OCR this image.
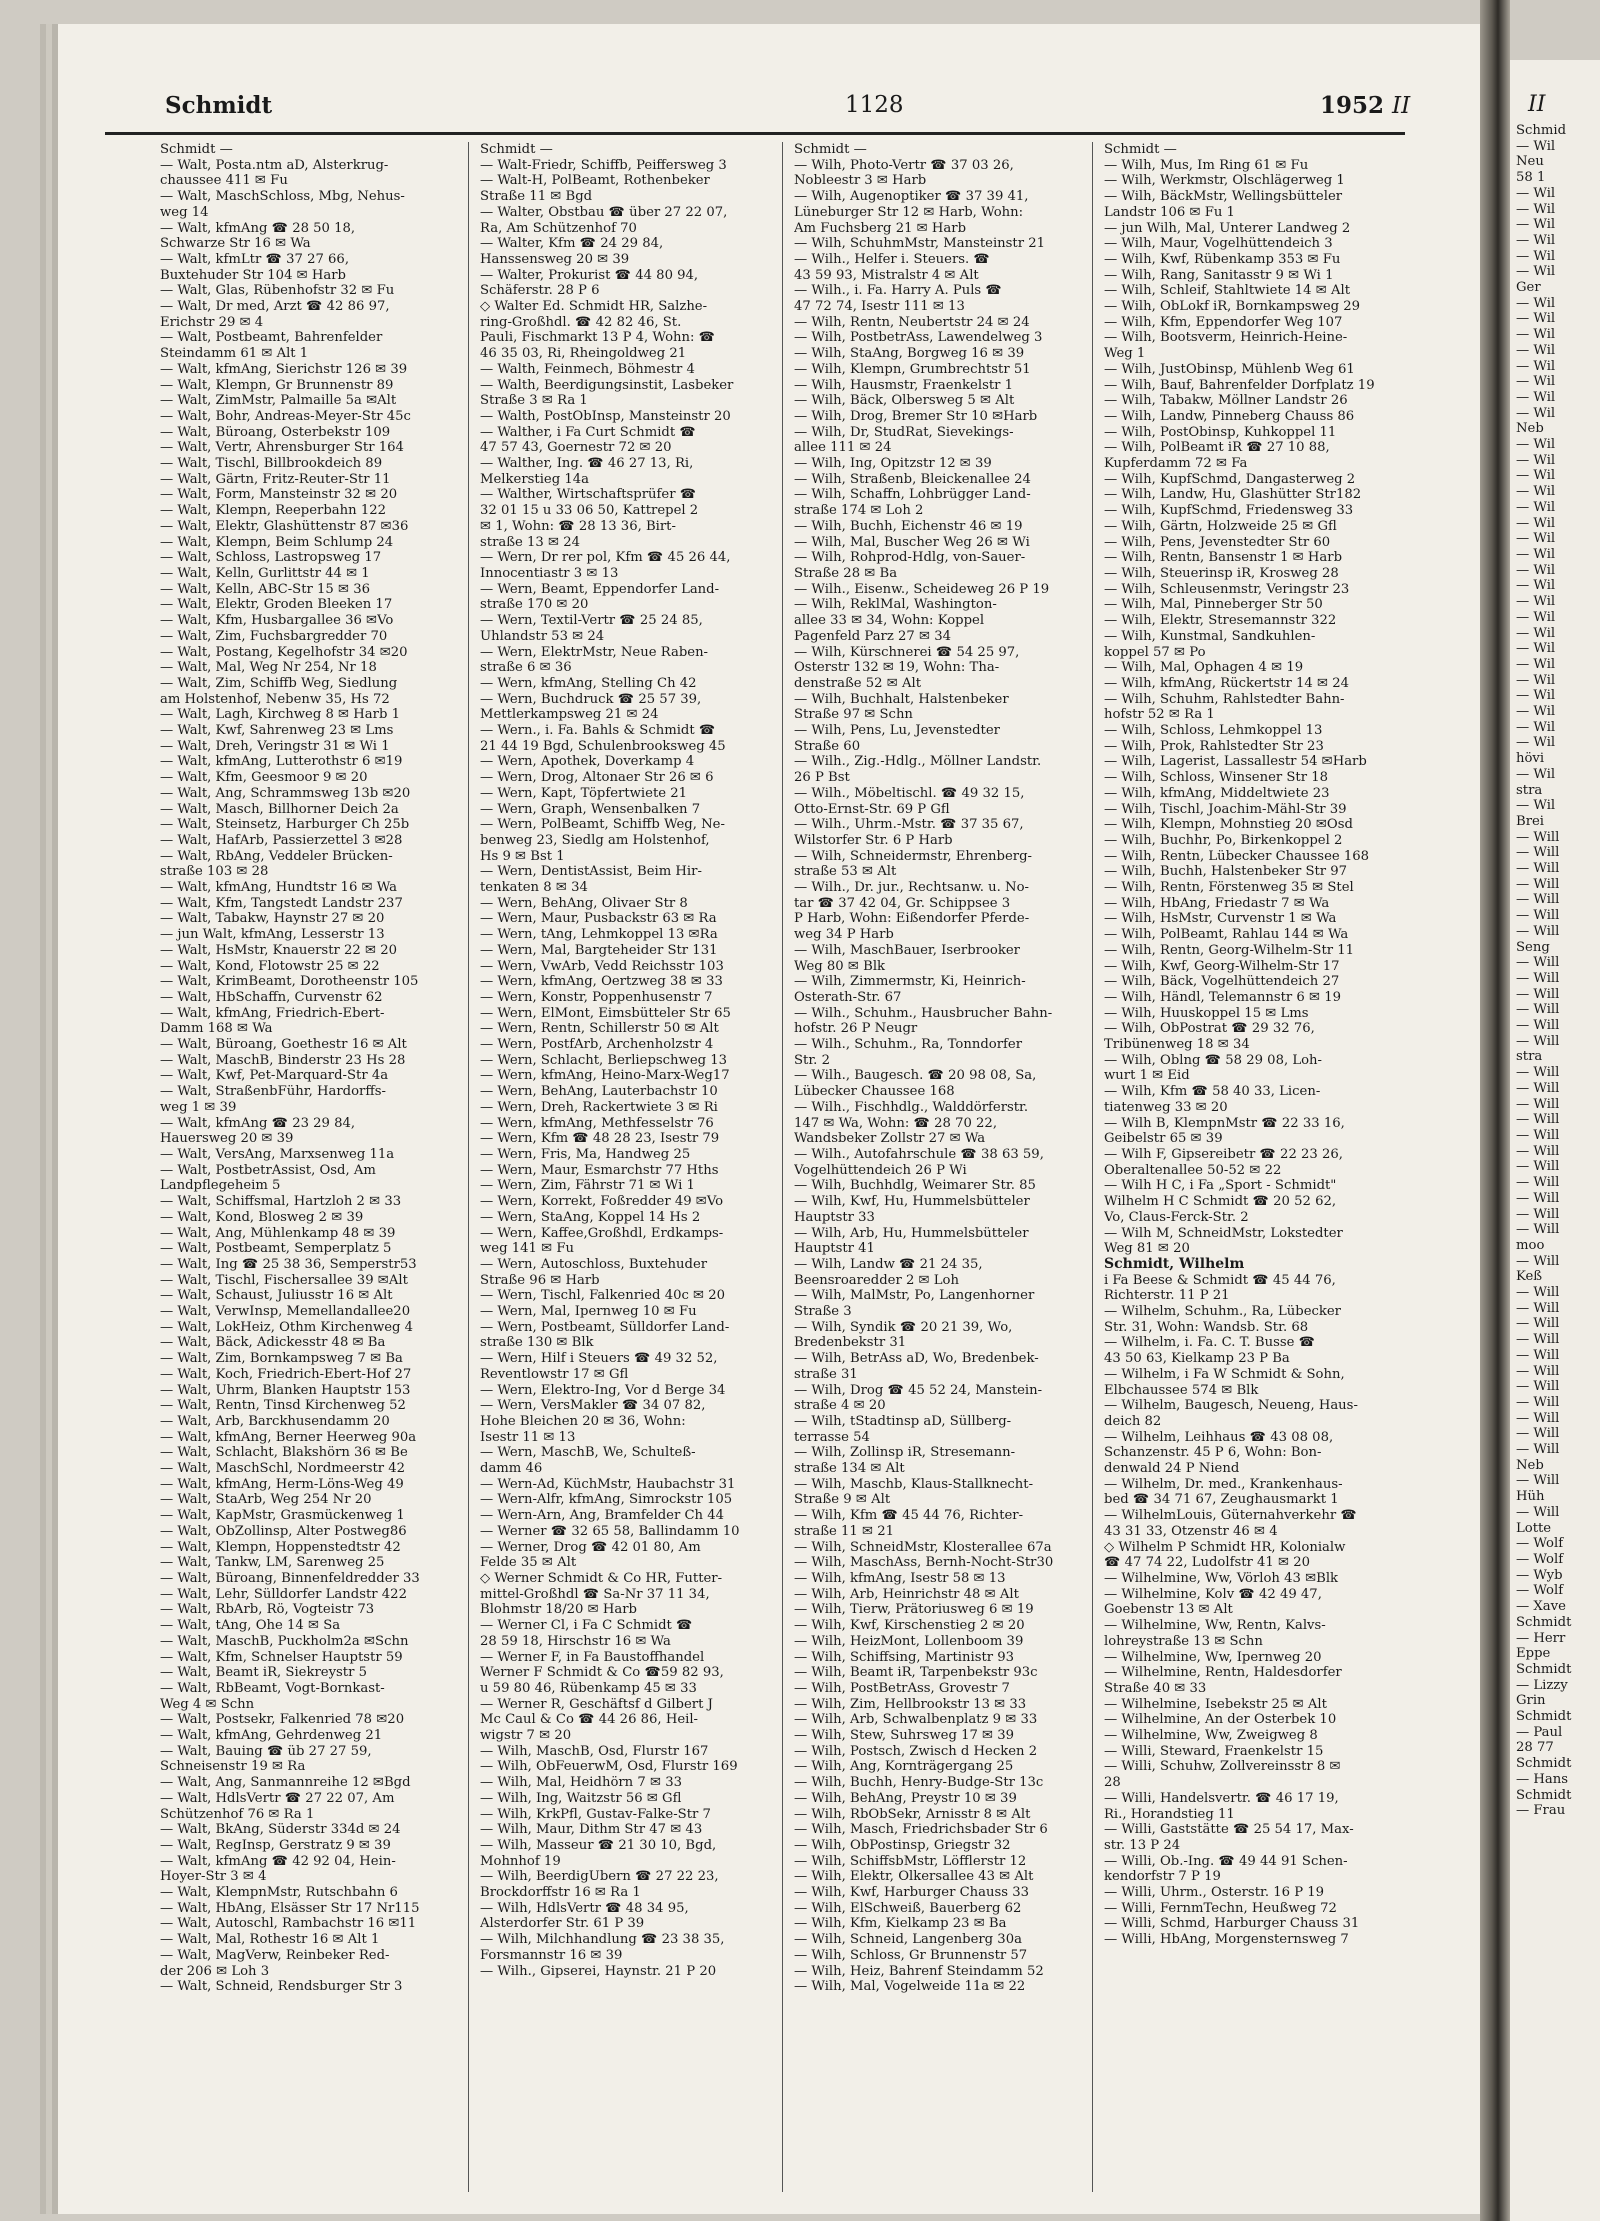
II
Schmid
— Wil
Neu
58 1
— Wil
— Wil
— Wil
— Wil
— Wil
— Wil
Ger
— Wil
— Wil
— Wil
— Wil
— Wil
— Wil
— Wil
— Wil
Neb
— Wil
— Wil
— Wil
— Wil
— Wil
— Wil
— Wil
— Wil
— Wil
— Wil
— Wil
— Wil
— Wil
— Wil
— Wil
— Wil
— Wil
— Wil
— Wil
— Wil
hövi
— Wil
stra
— Wil
Brei
— Will
— Will
— Will
— Will
— Will
— Will
— Will
Seng
— Will
— Will
— Will
— Will
— Will
— Will
stra
— Will
— Will
— Will
— Will
— Will
— Will
— Will
— Will
— Will
— Will
— Will
moo
— Will
Keß
— Will
— Will
— Will
— Will
— Will
— Will
— Will
— Will
— Will
— Will
— Will
Neb
— Will
Hüh
— Will
Lotte
— Wolf
— Wolf
— Wyb
— Wolf
— Xave
Schmidt
— Herr
Eppe
Schmidt
— Lizzy
Grin
Schmidt
— Paul
28 77
Schmidt
— Hans
Schmidt
— Frau
Schmidt	1128	1952 II
Schmidt —
— Walt, Posta.ntm aD, Alsterkrug-
chaussee 411 ✉ Fu
— Walt, MaschSchloss, Mbg, Nehus-
weg 14
— Walt, kfmAng ☎ 28 50 18,
Schwarze Str 16 ✉ Wa
— Walt, kfmLtr ☎ 37 27 66,
Buxtehuder Str 104 ✉ Harb
— Walt, Glas, Rübenhofstr 32 ✉ Fu
— Walt, Dr med, Arzt ☎ 42 86 97,
Erichstr 29 ✉ 4
— Walt, Postbeamt, Bahrenfelder
Steindamm 61 ✉ Alt 1
— Walt, kfmAng, Sierichstr 126 ✉ 39
— Walt, Klempn, Gr Brunnenstr 89
— Walt, ZimMstr, Palmaille 5a ✉Alt
— Walt, Bohr, Andreas-Meyer-Str 45c
— Walt, Büroang, Osterbekstr 109
— Walt, Vertr, Ahrensburger Str 164
— Walt, Tischl, Billbrookdeich 89
— Walt, Gärtn, Fritz-Reuter-Str 11
— Walt, Form, Mansteinstr 32 ✉ 20
— Walt, Klempn, Reeperbahn 122
— Walt, Elektr, Glashüttenstr 87 ✉36
— Walt, Klempn, Beim Schlump 24
— Walt, Schloss, Lastropsweg 17
— Walt, Kelln, Gurlittstr 44 ✉ 1
— Walt, Kelln, ABC-Str 15 ✉ 36
— Walt, Elektr, Groden Bleeken 17
— Walt, Kfm, Husbargallee 36 ✉Vo
— Walt, Zim, Fuchsbargredder 70
— Walt, Postang, Kegelhofstr 34 ✉20
— Walt, Mal, Weg Nr 254, Nr 18
— Walt, Zim, Schiffb Weg, Siedlung
am Holstenhof, Nebenw 35, Hs 72
— Walt, Lagh, Kirchweg 8 ✉ Harb 1
— Walt, Kwf, Sahrenweg 23 ✉ Lms
— Walt, Dreh, Veringstr 31 ✉ Wi 1
— Walt, kfmAng, Lutterothstr 6 ✉19
— Walt, Kfm, Geesmoor 9 ✉ 20
— Walt, Ang, Schrammsweg 13b ✉20
— Walt, Masch, Billhorner Deich 2a
— Walt, Steinsetz, Harburger Ch 25b
— Walt, HafArb, Passierzettel 3 ✉28
— Walt, RbAng, Veddeler Brücken-
straße 103 ✉ 28
— Walt, kfmAng, Hundtstr 16 ✉ Wa
— Walt, Kfm, Tangstedt Landstr 237
— Walt, Tabakw, Haynstr 27 ✉ 20
— jun Walt, kfmAng, Lesserstr 13
— Walt, HsMstr, Knauerstr 22 ✉ 20
— Walt, Kond, Flotowstr 25 ✉ 22
— Walt, KrimBeamt, Dorotheenstr 105
— Walt, HbSchaffn, Curvenstr 62
— Walt, kfmAng, Friedrich-Ebert-
Damm 168 ✉ Wa
— Walt, Büroang, Goethestr 16 ✉ Alt
— Walt, MaschB, Binderstr 23 Hs 28
— Walt, Kwf, Pet-Marquard-Str 4a
— Walt, StraßenbFühr, Hardorffs-
weg 1 ✉ 39
— Walt, kfmAng ☎ 23 29 84,
Hauersweg 20 ✉ 39
— Walt, VersAng, Marxsenweg 11a
— Walt, PostbetrAssist, Osd, Am
Landpflegeheim 5
— Walt, Schiffsmal, Hartzloh 2 ✉ 33
— Walt, Kond, Blosweg 2 ✉ 39
— Walt, Ang, Mühlenkamp 48 ✉ 39
— Walt, Postbeamt, Semperplatz 5
— Walt, Ing ☎ 25 38 36, Semperstr53
— Walt, Tischl, Fischersallee 39 ✉Alt
— Walt, Schaust, Juliusstr 16 ✉ Alt
— Walt, VerwInsp, Memellandallee20
— Walt, LokHeiz, Othm Kirchenweg 4
— Walt, Bäck, Adickesstr 48 ✉ Ba
— Walt, Zim, Bornkampsweg 7 ✉ Ba
— Walt, Koch, Friedrich-Ebert-Hof 27
— Walt, Uhrm, Blanken Hauptstr 153
— Walt, Rentn, Tinsd Kirchenweg 52
— Walt, Arb, Barckhusendamm 20
— Walt, kfmAng, Berner Heerweg 90a
— Walt, Schlacht, Blakshörn 36 ✉ Be
— Walt, MaschSchl, Nordmeerstr 42
— Walt, kfmAng, Herm-Löns-Weg 49
— Walt, StaArb, Weg 254 Nr 20
— Walt, KapMstr, Grasmückenweg 1
— Walt, ObZollinsp, Alter Postweg86
— Walt, Klempn, Hoppenstedtstr 42
— Walt, Tankw, LM, Sarenweg 25
— Walt, Büroang, Binnenfeldredder 33
— Walt, Lehr, Sülldorfer Landstr 422
— Walt, RbArb, Rö, Vogteistr 73
— Walt, tAng, Ohe 14 ✉ Sa
— Walt, MaschB, Puckholm2a ✉Schn
— Walt, Kfm, Schnelser Hauptstr 59
— Walt, Beamt iR, Siekreystr 5
— Walt, RbBeamt, Vogt-Bornkast-
Weg 4 ✉ Schn
— Walt, Postsekr, Falkenried 78 ✉20
— Walt, kfmAng, Gehrdenweg 21
— Walt, Bauing ☎ üb 27 27 59,
Schneisenstr 19 ✉ Ra
— Walt, Ang, Sanmannreihe 12 ✉Bgd
— Walt, HdlsVertr ☎ 27 22 07, Am
Schützenhof 76 ✉ Ra 1
— Walt, BkAng, Süderstr 334d ✉ 24
— Walt, RegInsp, Gerstratz 9 ✉ 39
— Walt, kfmAng ☎ 42 92 04, Hein-
Hoyer-Str 3 ✉ 4
— Walt, KlempnMstr, Rutschbahn 6
— Walt, HbAng, Elsässer Str 17 Nr115
— Walt, Autoschl, Rambachstr 16 ✉11
— Walt, Mal, Rothestr 16 ✉ Alt 1
— Walt, MagVerw, Reinbeker Red-
der 206 ✉ Loh 3
— Walt, Schneid, Rendsburger Str 3
Schmidt —
— Walt-Friedr, Schiffb, Peiffersweg 3
— Walt-H, PolBeamt, Rothenbeker
Straße 11 ✉ Bgd
— Walter, Obstbau ☎ über 27 22 07,
Ra, Am Schützenhof 70
— Walter, Kfm ☎ 24 29 84,
Hanssensweg 20 ✉ 39
— Walter, Prokurist ☎ 44 80 94,
Schäferstr. 28 P 6
◇ Walter Ed. Schmidt HR, Salzhe-
ring-Großhdl. ☎ 42 82 46, St.
Pauli, Fischmarkt 13 P 4, Wohn: ☎
46 35 03, Ri, Rheingoldweg 21
— Walth, Feinmech, Böhmestr 4
— Walth, Beerdigungsinstit, Lasbeker
Straße 3 ✉ Ra 1
— Walth, PostObInsp, Mansteinstr 20
— Walther, i Fa Curt Schmidt ☎
47 57 43, Goernestr 72 ✉ 20
— Walther, Ing. ☎ 46 27 13, Ri,
Melkerstieg 14a
— Walther, Wirtschaftsprüfer ☎
32 01 15 u 33 06 50, Kattrepel 2
✉ 1, Wohn: ☎ 28 13 36, Birt-
straße 13 ✉ 24
— Wern, Dr rer pol, Kfm ☎ 45 26 44,
Innocentiastr 3 ✉ 13
— Wern, Beamt, Eppendorfer Land-
straße 170 ✉ 20
— Wern, Textil-Vertr ☎ 25 24 85,
Uhlandstr 53 ✉ 24
— Wern, ElektrMstr, Neue Raben-
straße 6 ✉ 36
— Wern, kfmAng, Stelling Ch 42
— Wern, Buchdruck ☎ 25 57 39,
Mettlerkampsweg 21 ✉ 24
— Wern., i. Fa. Bahls & Schmidt ☎
21 44 19 Bgd, Schulenbrooksweg 45
— Wern, Apothek, Doverkamp 4
— Wern, Drog, Altonaer Str 26 ✉ 6
— Wern, Kapt, Töpfertwiete 21
— Wern, Graph, Wensenbalken 7
— Wern, PolBeamt, Schiffb Weg, Ne-
benweg 23, Siedlg am Holstenhof,
Hs 9 ✉ Bst 1
— Wern, DentistAssist, Beim Hir-
tenkaten 8 ✉ 34
— Wern, BehAng, Olivaer Str 8
— Wern, Maur, Pusbackstr 63 ✉ Ra
— Wern, tAng, Lehmkoppel 13 ✉Ra
— Wern, Mal, Bargteheider Str 131
— Wern, VwArb, Vedd Reichsstr 103
— Wern, kfmAng, Oertzweg 38 ✉ 33
— Wern, Konstr, Poppenhusenstr 7
— Wern, ElMont, Eimsbütteler Str 65
— Wern, Rentn, Schillerstr 50 ✉ Alt
— Wern, PostfArb, Archenholzstr 4
— Wern, Schlacht, Berliepschweg 13
— Wern, kfmAng, Heino-Marx-Weg17
— Wern, BehAng, Lauterbachstr 10
— Wern, Dreh, Rackertwiete 3 ✉ Ri
— Wern, kfmAng, Methfesselstr 76
— Wern, Kfm ☎ 48 28 23, Isestr 79
— Wern, Fris, Ma, Handweg 25
— Wern, Maur, Esmarchstr 77 Hths
— Wern, Zim, Fährstr 71 ✉ Wi 1
— Wern, Korrekt, Foßredder 49 ✉Vo
— Wern, StaAng, Koppel 14 Hs 2
— Wern, Kaffee,Großhdl, Erdkamps-
weg 141 ✉ Fu
— Wern, Autoschloss, Buxtehuder
Straße 96 ✉ Harb
— Wern, Tischl, Falkenried 40c ✉ 20
— Wern, Mal, Ipernweg 10 ✉ Fu
— Wern, Postbeamt, Sülldorfer Land-
straße 130 ✉ Blk
— Wern, Hilf i Steuers ☎ 49 32 52,
Reventlowstr 17 ✉ Gfl
— Wern, Elektro-Ing, Vor d Berge 34
— Wern, VersMakler ☎ 34 07 82,
Hohe Bleichen 20 ✉ 36, Wohn:
Isestr 11 ✉ 13
— Wern, MaschB, We, Schulteß-
damm 46
— Wern-Ad, KüchMstr, Haubachstr 31
— Wern-Alfr, kfmAng, Simrockstr 105
— Wern-Arn, Ang, Bramfelder Ch 44
— Werner ☎ 32 65 58, Ballindamm 10
— Werner, Drog ☎ 42 01 80, Am
Felde 35 ✉ Alt
◇ Werner Schmidt & Co HR, Futter-
mittel-Großhdl ☎ Sa-Nr 37 11 34,
Blohmstr 18/20 ✉ Harb
— Werner Cl, i Fa C Schmidt ☎
28 59 18, Hirschstr 16 ✉ Wa
— Werner F, in Fa Baustoffhandel
Werner F Schmidt & Co ☎59 82 93,
u 59 80 46, Rübenkamp 45 ✉ 33
— Werner R, Geschäftsf d Gilbert J
Mc Caul & Co ☎ 44 26 86, Heil-
wigstr 7 ✉ 20
— Wilh, MaschB, Osd, Flurstr 167
— Wilh, ObFeuerwM, Osd, Flurstr 169
— Wilh, Mal, Heidhörn 7 ✉ 33
— Wilh, Ing, Waitzstr 56 ✉ Gfl
— Wilh, KrkPfl, Gustav-Falke-Str 7
— Wilh, Maur, Dithm Str 47 ✉ 43
— Wilh, Masseur ☎ 21 30 10, Bgd,
Mohnhof 19
— Wilh, BeerdigÜbern ☎ 27 22 23,
Brockdorffstr 16 ✉ Ra 1
— Wilh, HdlsVertr ☎ 48 34 95,
Alsterdorfer Str. 61 P 39
— Wilh, Milchhandlung ☎ 23 38 35,
Forsmannstr 16 ✉ 39
— Wilh., Gipserei, Haynstr. 21 P 20
Schmidt —
— Wilh, Photo-Vertr ☎ 37 03 26,
Nobleestr 3 ✉ Harb
— Wilh, Augenoptiker ☎ 37 39 41,
Lüneburger Str 12 ✉ Harb, Wohn:
Am Fuchsberg 21 ✉ Harb
— Wilh, SchuhmMstr, Mansteinstr 21
— Wilh., Helfer i. Steuers. ☎
43 59 93, Mistralstr 4 ✉ Alt
— Wilh., i. Fa. Harry A. Puls ☎
47 72 74, Isestr 111 ✉ 13
— Wilh, Rentn, Neubertstr 24 ✉ 24
— Wilh, PostbetrAss, Lawendelweg 3
— Wilh, StaAng, Borgweg 16 ✉ 39
— Wilh, Klempn, Grumbrechtstr 51
— Wilh, Hausmstr, Fraenkelstr 1
— Wilh, Bäck, Olbersweg 5 ✉ Alt
— Wilh, Drog, Bremer Str 10 ✉Harb
— Wilh, Dr, StudRat, Sievekings-
allee 111 ✉ 24
— Wilh, Ing, Opitzstr 12 ✉ 39
— Wilh, Straßenb, Bleickenallee 24
— Wilh, Schaffn, Lohbrügger Land-
straße 174 ✉ Loh 2
— Wilh, Buchh, Eichenstr 46 ✉ 19
— Wilh, Mal, Buscher Weg 26 ✉ Wi
— Wilh, Rohprod-Hdlg, von-Sauer-
Straße 28 ✉ Ba
— Wilh., Eisenw., Scheideweg 26 P 19
— Wilh, ReklMal, Washington-
allee 33 ✉ 34, Wohn: Koppel
Pagenfeld Parz 27 ✉ 34
— Wilh, Kürschnerei ☎ 54 25 97,
Osterstr 132 ✉ 19, Wohn: Tha-
denstraße 52 ✉ Alt
— Wilh, Buchhalt, Halstenbeker
Straße 97 ✉ Schn
— Wilh, Pens, Lu, Jevenstedter
Straße 60
— Wilh., Zig.-Hdlg., Möllner Landstr.
26 P Bst
— Wilh., Möbeltischl. ☎ 49 32 15,
Otto-Ernst-Str. 69 P Gfl
— Wilh., Uhrm.-Mstr. ☎ 37 35 67,
Wilstorfer Str. 6 P Harb
— Wilh, Schneidermstr, Ehrenberg-
straße 53 ✉ Alt
— Wilh., Dr. jur., Rechtsanw. u. No-
tar ☎ 37 42 04, Gr. Schippsee 3
P Harb, Wohn: Eißendorfer Pferde-
weg 34 P Harb
— Wilh, MaschBauer, Iserbrooker
Weg 80 ✉ Blk
— Wilh, Zimmermstr, Ki, Heinrich-
Osterath-Str. 67
— Wilh., Schuhm., Hausbrucher Bahn-
hofstr. 26 P Neugr
— Wilh., Schuhm., Ra, Tonndorfer
Str. 2
— Wilh., Baugesch. ☎ 20 98 08, Sa,
Lübecker Chaussee 168
— Wilh., Fischhdlg., Walddörferstr.
147 ✉ Wa, Wohn: ☎ 28 70 22,
Wandsbeker Zollstr 27 ✉ Wa
— Wilh., Autofahrschule ☎ 38 63 59,
Vogelhüttendeich 26 P Wi
— Wilh, Buchhdlg, Weimarer Str. 85
— Wilh, Kwf, Hu, Hummelsbütteler
Hauptstr 33
— Wilh, Arb, Hu, Hummelsbütteler
Hauptstr 41
— Wilh, Landw ☎ 21 24 35,
Beensroaredder 2 ✉ Loh
— Wilh, MalMstr, Po, Langenhorner
Straße 3
— Wilh, Syndik ☎ 20 21 39, Wo,
Bredenbekstr 31
— Wilh, BetrAss aD, Wo, Bredenbek-
straße 31
— Wilh, Drog ☎ 45 52 24, Manstein-
straße 4 ✉ 20
— Wilh, tStadtinsp aD, Süllberg-
terrasse 54
— Wilh, Zollinsp iR, Stresemann-
straße 134 ✉ Alt
— Wilh, Maschb, Klaus-Stallknecht-
Straße 9 ✉ Alt
— Wilh, Kfm ☎ 45 44 76, Richter-
straße 11 ✉ 21
— Wilh, SchneidMstr, Klosterallee 67a
— Wilh, MaschAss, Bernh-Nocht-Str30
— Wilh, kfmAng, Isestr 58 ✉ 13
— Wilh, Arb, Heinrichstr 48 ✉ Alt
— Wilh, Tierw, Prätoriusweg 6 ✉ 19
— Wilh, Kwf, Kirschenstieg 2 ✉ 20
— Wilh, HeizMont, Lollenboom 39
— Wilh, Schiffsing, Martinistr 93
— Wilh, Beamt iR, Tarpenbekstr 93c
— Wilh, PostBetrAss, Grovestr 7
— Wilh, Zim, Hellbrookstr 13 ✉ 33
— Wilh, Arb, Schwalbenplatz 9 ✉ 33
— Wilh, Stew, Suhrsweg 17 ✉ 39
— Wilh, Postsch, Zwisch d Hecken 2
— Wilh, Ang, Kornträgergang 25
— Wilh, Buchh, Henry-Budge-Str 13c
— Wilh, BehAng, Preystr 10 ✉ 39
— Wilh, RbObSekr, Arnisstr 8 ✉ Alt
— Wilh, Masch, Friedrichsbader Str 6
— Wilh, ObPostinsp, Griegstr 32
— Wilh, SchiffsbMstr, Löfflerstr 12
— Wilh, Elektr, Olkersallee 43 ✉ Alt
— Wilh, Kwf, Harburger Chauss 33
— Wilh, ElSchweiß, Bauerberg 62
— Wilh, Kfm, Kielkamp 23 ✉ Ba
— Wilh, Schneid, Langenberg 30a
— Wilh, Schloss, Gr Brunnenstr 57
— Wilh, Heiz, Bahrenf Steindamm 52
— Wilh, Mal, Vogelweide 11a ✉ 22
Schmidt —
— Wilh, Mus, Im Ring 61 ✉ Fu
— Wilh, Werkmstr, Olschlägerweg 1
— Wilh, BäckMstr, Wellingsbütteler
Landstr 106 ✉ Fu 1
— jun Wilh, Mal, Unterer Landweg 2
— Wilh, Maur, Vogelhüttendeich 3
— Wilh, Kwf, Rübenkamp 353 ✉ Fu
— Wilh, Rang, Sanitasstr 9 ✉ Wi 1
— Wilh, Schleif, Stahltwiete 14 ✉ Alt
— Wilh, ObLokf iR, Bornkampsweg 29
— Wilh, Kfm, Eppendorfer Weg 107
— Wilh, Bootsverm, Heinrich-Heine-
Weg 1
— Wilh, JustObinsp, Mühlenb Weg 61
— Wilh, Bauf, Bahrenfelder Dorfplatz 19
— Wilh, Tabakw, Möllner Landstr 26
— Wilh, Landw, Pinneberg Chauss 86
— Wilh, PostObinsp, Kuhkoppel 11
— Wilh, PolBeamt iR ☎ 27 10 88,
Kupferdamm 72 ✉ Fa
— Wilh, KupfSchmd, Dangasterweg 2
— Wilh, Landw, Hu, Glashütter Str182
— Wilh, KupfSchmd, Friedensweg 33
— Wilh, Gärtn, Holzweide 25 ✉ Gfl
— Wilh, Pens, Jevenstedter Str 60
— Wilh, Rentn, Bansenstr 1 ✉ Harb
— Wilh, Steuerinsp iR, Krosweg 28
— Wilh, Schleusenmstr, Veringstr 23
— Wilh, Mal, Pinneberger Str 50
— Wilh, Elektr, Stresemannstr 322
— Wilh, Kunstmal, Sandkuhlen-
koppel 57 ✉ Po
— Wilh, Mal, Ophagen 4 ✉ 19
— Wilh, kfmAng, Rückertstr 14 ✉ 24
— Wilh, Schuhm, Rahlstedter Bahn-
hofstr 52 ✉ Ra 1
— Wilh, Schloss, Lehmkoppel 13
— Wilh, Prok, Rahlstedter Str 23
— Wilh, Lagerist, Lassallestr 54 ✉Harb
— Wilh, Schloss, Winsener Str 18
— Wilh, kfmAng, Middeltwiete 23
— Wilh, Tischl, Joachim-Mähl-Str 39
— Wilh, Klempn, Mohnstieg 20 ✉Osd
— Wilh, Buchhr, Po, Birkenkoppel 2
— Wilh, Rentn, Lübecker Chaussee 168
— Wilh, Buchh, Halstenbeker Str 97
— Wilh, Rentn, Förstenweg 35 ✉ Stel
— Wilh, HbAng, Friedastr 7 ✉ Wa
— Wilh, HsMstr, Curvenstr 1 ✉ Wa
— Wilh, PolBeamt, Rahlau 144 ✉ Wa
— Wilh, Rentn, Georg-Wilhelm-Str 11
— Wilh, Kwf, Georg-Wilhelm-Str 17
— Wilh, Bäck, Vogelhüttendeich 27
— Wilh, Händl, Telemannstr 6 ✉ 19
— Wilh, Huuskoppel 15 ✉ Lms
— Wilh, ObPostrat ☎ 29 32 76,
Tribünenweg 18 ✉ 34
— Wilh, Oblng ☎ 58 29 08, Loh-
wurt 1 ✉ Eid
— Wilh, Kfm ☎ 58 40 33, Licen-
tiatenweg 33 ✉ 20
— Wilh B, KlempnMstr ☎ 22 33 16,
Geibelstr 65 ✉ 39
— Wilh F, Gipsereibetr ☎ 22 23 26,
Oberaltenallee 50-52 ✉ 22
— Wilh H C, i Fa „Sport - Schmidt"
Wilhelm H C Schmidt ☎ 20 52 62,
Vo, Claus-Ferck-Str. 2
— Wilh M, SchneidMstr, Lokstedter
Weg 81 ✉ 20
Schmidt, Wilhelm
i Fa Beese & Schmidt ☎ 45 44 76,
Richterstr. 11 P 21
— Wilhelm, Schuhm., Ra, Lübecker
Str. 31, Wohn: Wandsb. Str. 68
— Wilhelm, i. Fa. C. T. Busse ☎
43 50 63, Kielkamp 23 P Ba
— Wilhelm, i Fa W Schmidt & Sohn,
Elbchaussee 574 ✉ Blk
— Wilhelm, Baugesch, Neueng, Haus-
deich 82
— Wilhelm, Leihhaus ☎ 43 08 08,
Schanzenstr. 45 P 6, Wohn: Bon-
denwald 24 P Niend
— Wilhelm, Dr. med., Krankenhaus-
bed ☎ 34 71 67, Zeughausmarkt 1
— WilhelmLouis, Güternahverkehr ☎
43 31 33, Otzenstr 46 ✉ 4
◇ Wilhelm P Schmidt HR, Kolonialw
☎ 47 74 22, Ludolfstr 41 ✉ 20
— Wilhelmine, Ww, Vörloh 43 ✉Blk
— Wilhelmine, Kolv ☎ 42 49 47,
Goebenstr 13 ✉ Alt
— Wilhelmine, Ww, Rentn, Kalvs-
lohreystraße 13 ✉ Schn
— Wilhelmine, Ww, Ipernweg 20
— Wilhelmine, Rentn, Haldesdorfer
Straße 40 ✉ 33
— Wilhelmine, Isebekstr 25 ✉ Alt
— Wilhelmine, An der Osterbek 10
— Wilhelmine, Ww, Zweigweg 8
— Willi, Steward, Fraenkelstr 15
— Willi, Schuhw, Zollvereinsstr 8 ✉
28
— Willi, Handelsvertr. ☎ 46 17 19,
Ri., Horandstieg 11
— Willi, Gaststätte ☎ 25 54 17, Max-
str. 13 P 24
— Willi, Ob.-Ing. ☎ 49 44 91 Schen-
kendorfstr 7 P 19
— Willi, Uhrm., Osterstr. 16 P 19
— Willi, FernmTechn, Heußweg 72
— Willi, Schmd, Harburger Chauss 31
— Willi, HbAng, Morgensternsweg 7
